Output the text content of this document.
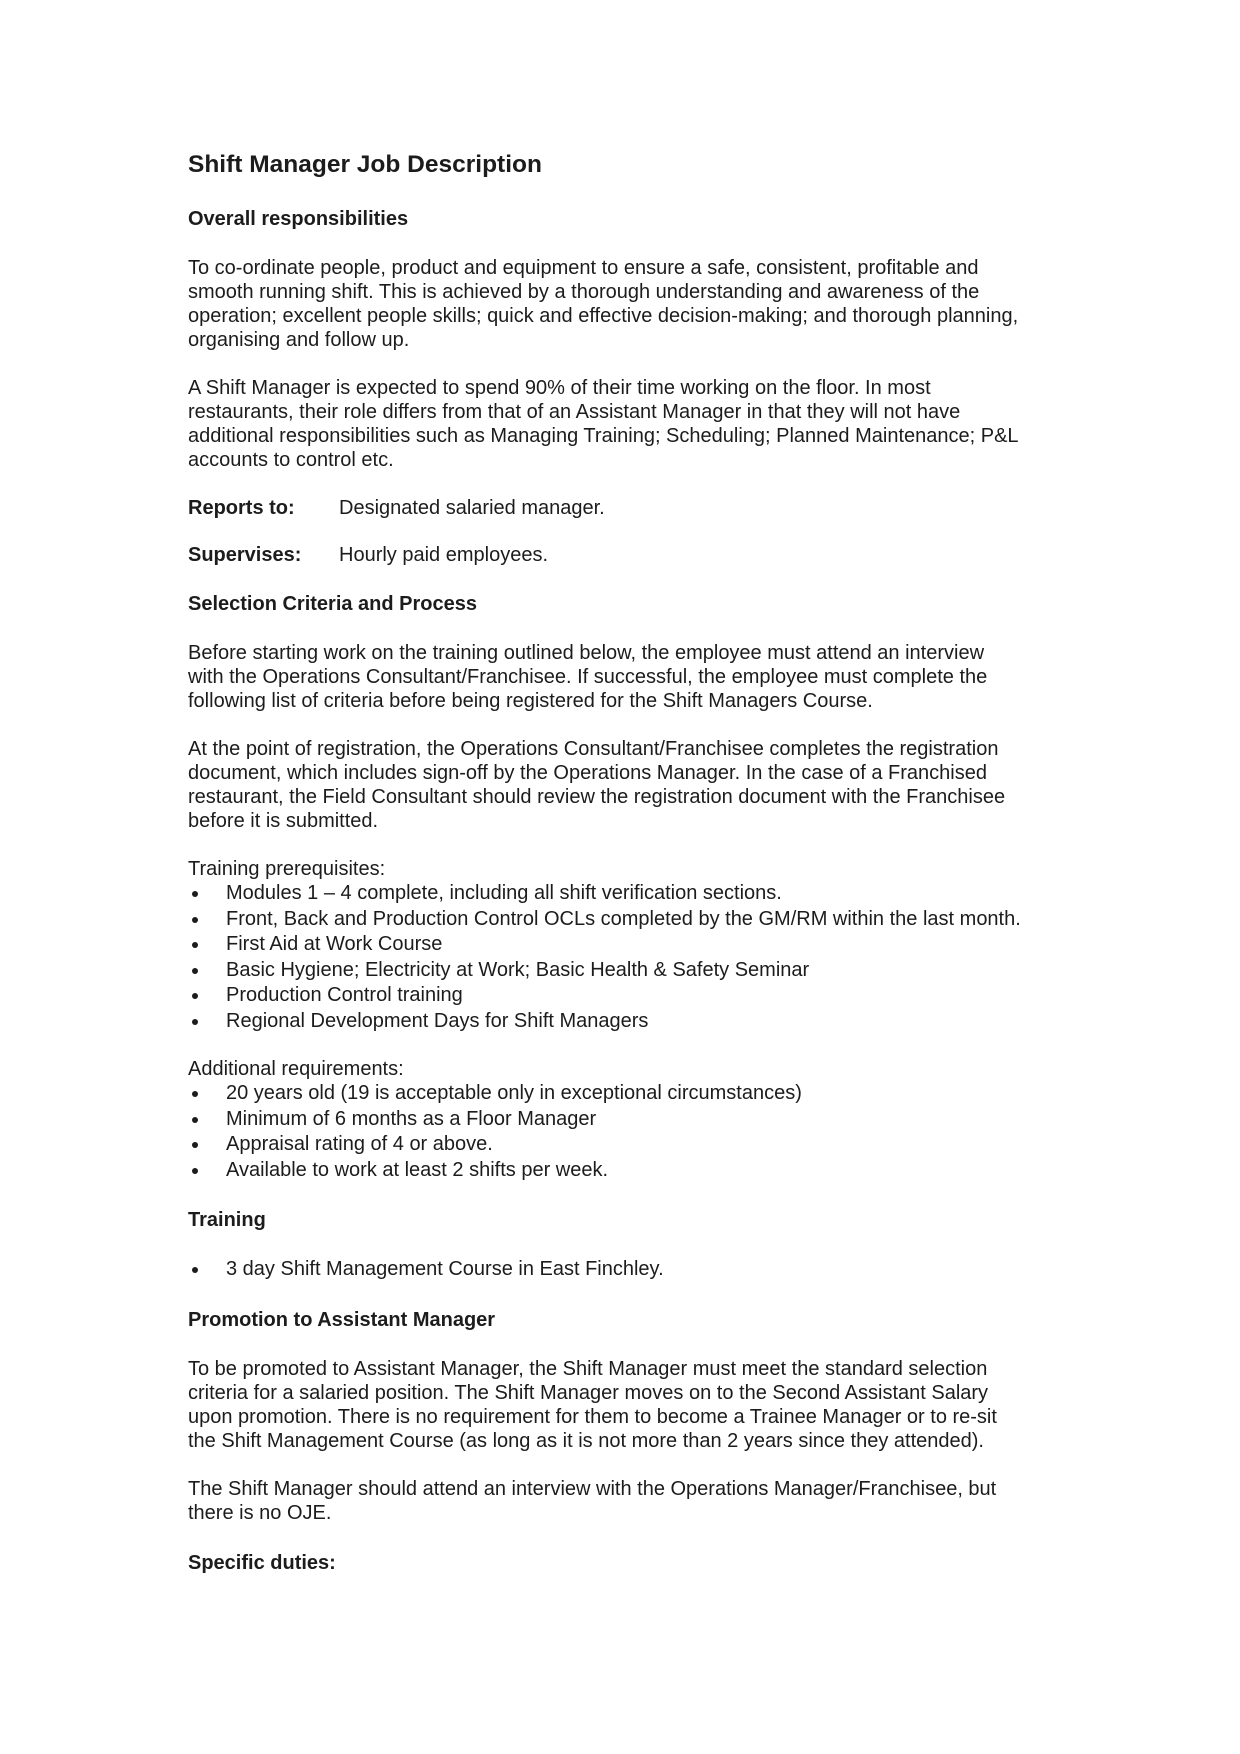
Shift Manager Job Description
Overall responsibilities

To co-ordinate people, product and equipment to ensure a safe, consistent, profitable and
smooth running shift. This is achieved by a thorough understanding and awareness of the
operation; excellent people skills; quick and effective decision-making; and thorough planning,
organising and follow up.

A Shift Manager is expected to spend 90% of their time working on the floor. In most
restaurants, their role differs from that of an Assistant Manager in that they will not have
additional responsibilities such as Managing Training; Scheduling; Planned Maintenance; P&L
accounts to control etc.

Reports to:	Designated salaried manager.
Supervises:	Hourly paid employees.
Selection Criteria and Process

Before starting work on the training outlined below, the employee must attend an interview
with the Operations Consultant/Franchisee. If successful, the employee must complete the
following list of criteria before being registered for the Shift Managers Course.

At the point of registration, the Operations Consultant/Franchisee completes the registration
document, which includes sign-off by the Operations Manager. In the case of a Franchised
restaurant, the Field Consultant should review the registration document with the Franchisee
before it is submitted.

Training prerequisites:

Modules 1 – 4 complete, including all shift verification sections.
Front, Back and Production Control OCLs completed by the GM/RM within the last month.
First Aid at Work Course
Basic Hygiene; Electricity at Work; Basic Health & Safety Seminar
Production Control training
Regional Development Days for Shift Managers

Additional requirements:

20 years old (19 is acceptable only in exceptional circumstances)
Minimum of 6 months as a Floor Manager
Appraisal rating of 4 or above.
Available to work at least 2 shifts per week.
Training
3 day Shift Management Course in East Finchley.
Promotion to Assistant Manager

To be promoted to Assistant Manager, the Shift Manager must meet the standard selection
criteria for a salaried position. The Shift Manager moves on to the Second Assistant Salary
upon promotion. There is no requirement for them to become a Trainee Manager or to re-sit
the Shift Management Course (as long as it is not more than 2 years since they attended).

The Shift Manager should attend an interview with the Operations Manager/Franchisee, but
there is no OJE.

Specific duties:
